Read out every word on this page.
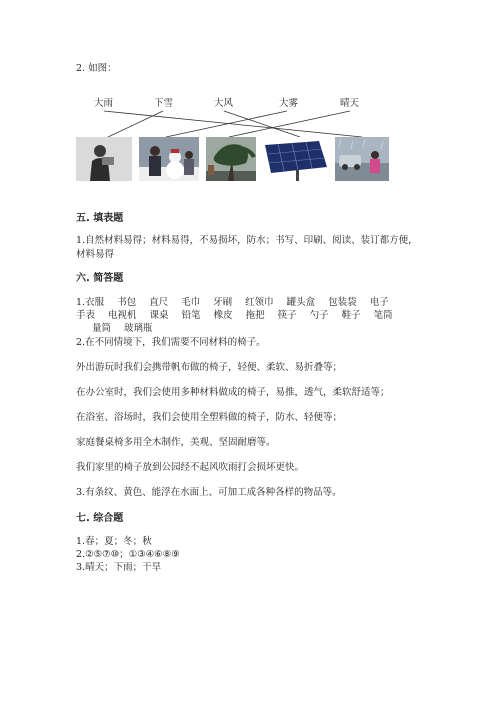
2. 如图：
大雨	下雪	大风	大雾	晴天
五. 填表题
1.自然材料易得；材料易得，不易损坏，防水；书写、印刷、阅读、装订都方便，材料易得
六. 简答题
1.衣服 书包 直尺 毛巾 牙刷 红领巾 罐头盒 包装袋 电子
手表 电视机 课桌 铅笔 橡皮 拖把 筷子 勺子 鞋子 笔筒
量筒 玻璃瓶
2.在不同情境下，我们需要不同材料的椅子。
外出游玩时我们会携带帆布做的椅子，轻便、柔软、易折叠等；
在办公室时，我们会使用多种材料做成的椅子，易推，透气，柔软舒适等；
在浴室、浴场时，我们会使用全塑料做的椅子，防水、轻便等；
家庭餐桌椅多用全木制作，美观、坚固耐磨等。
我们家里的椅子放到公园经不起风吹雨打会损坏更快。
3.有条纹、黄色、能浮在水面上、可加工成各种各样的物品等。
七. 综合题
1.春；夏；冬；秋
2.②⑤⑦⑩；①③④⑥⑧⑨
3.晴天；下雨；干旱
